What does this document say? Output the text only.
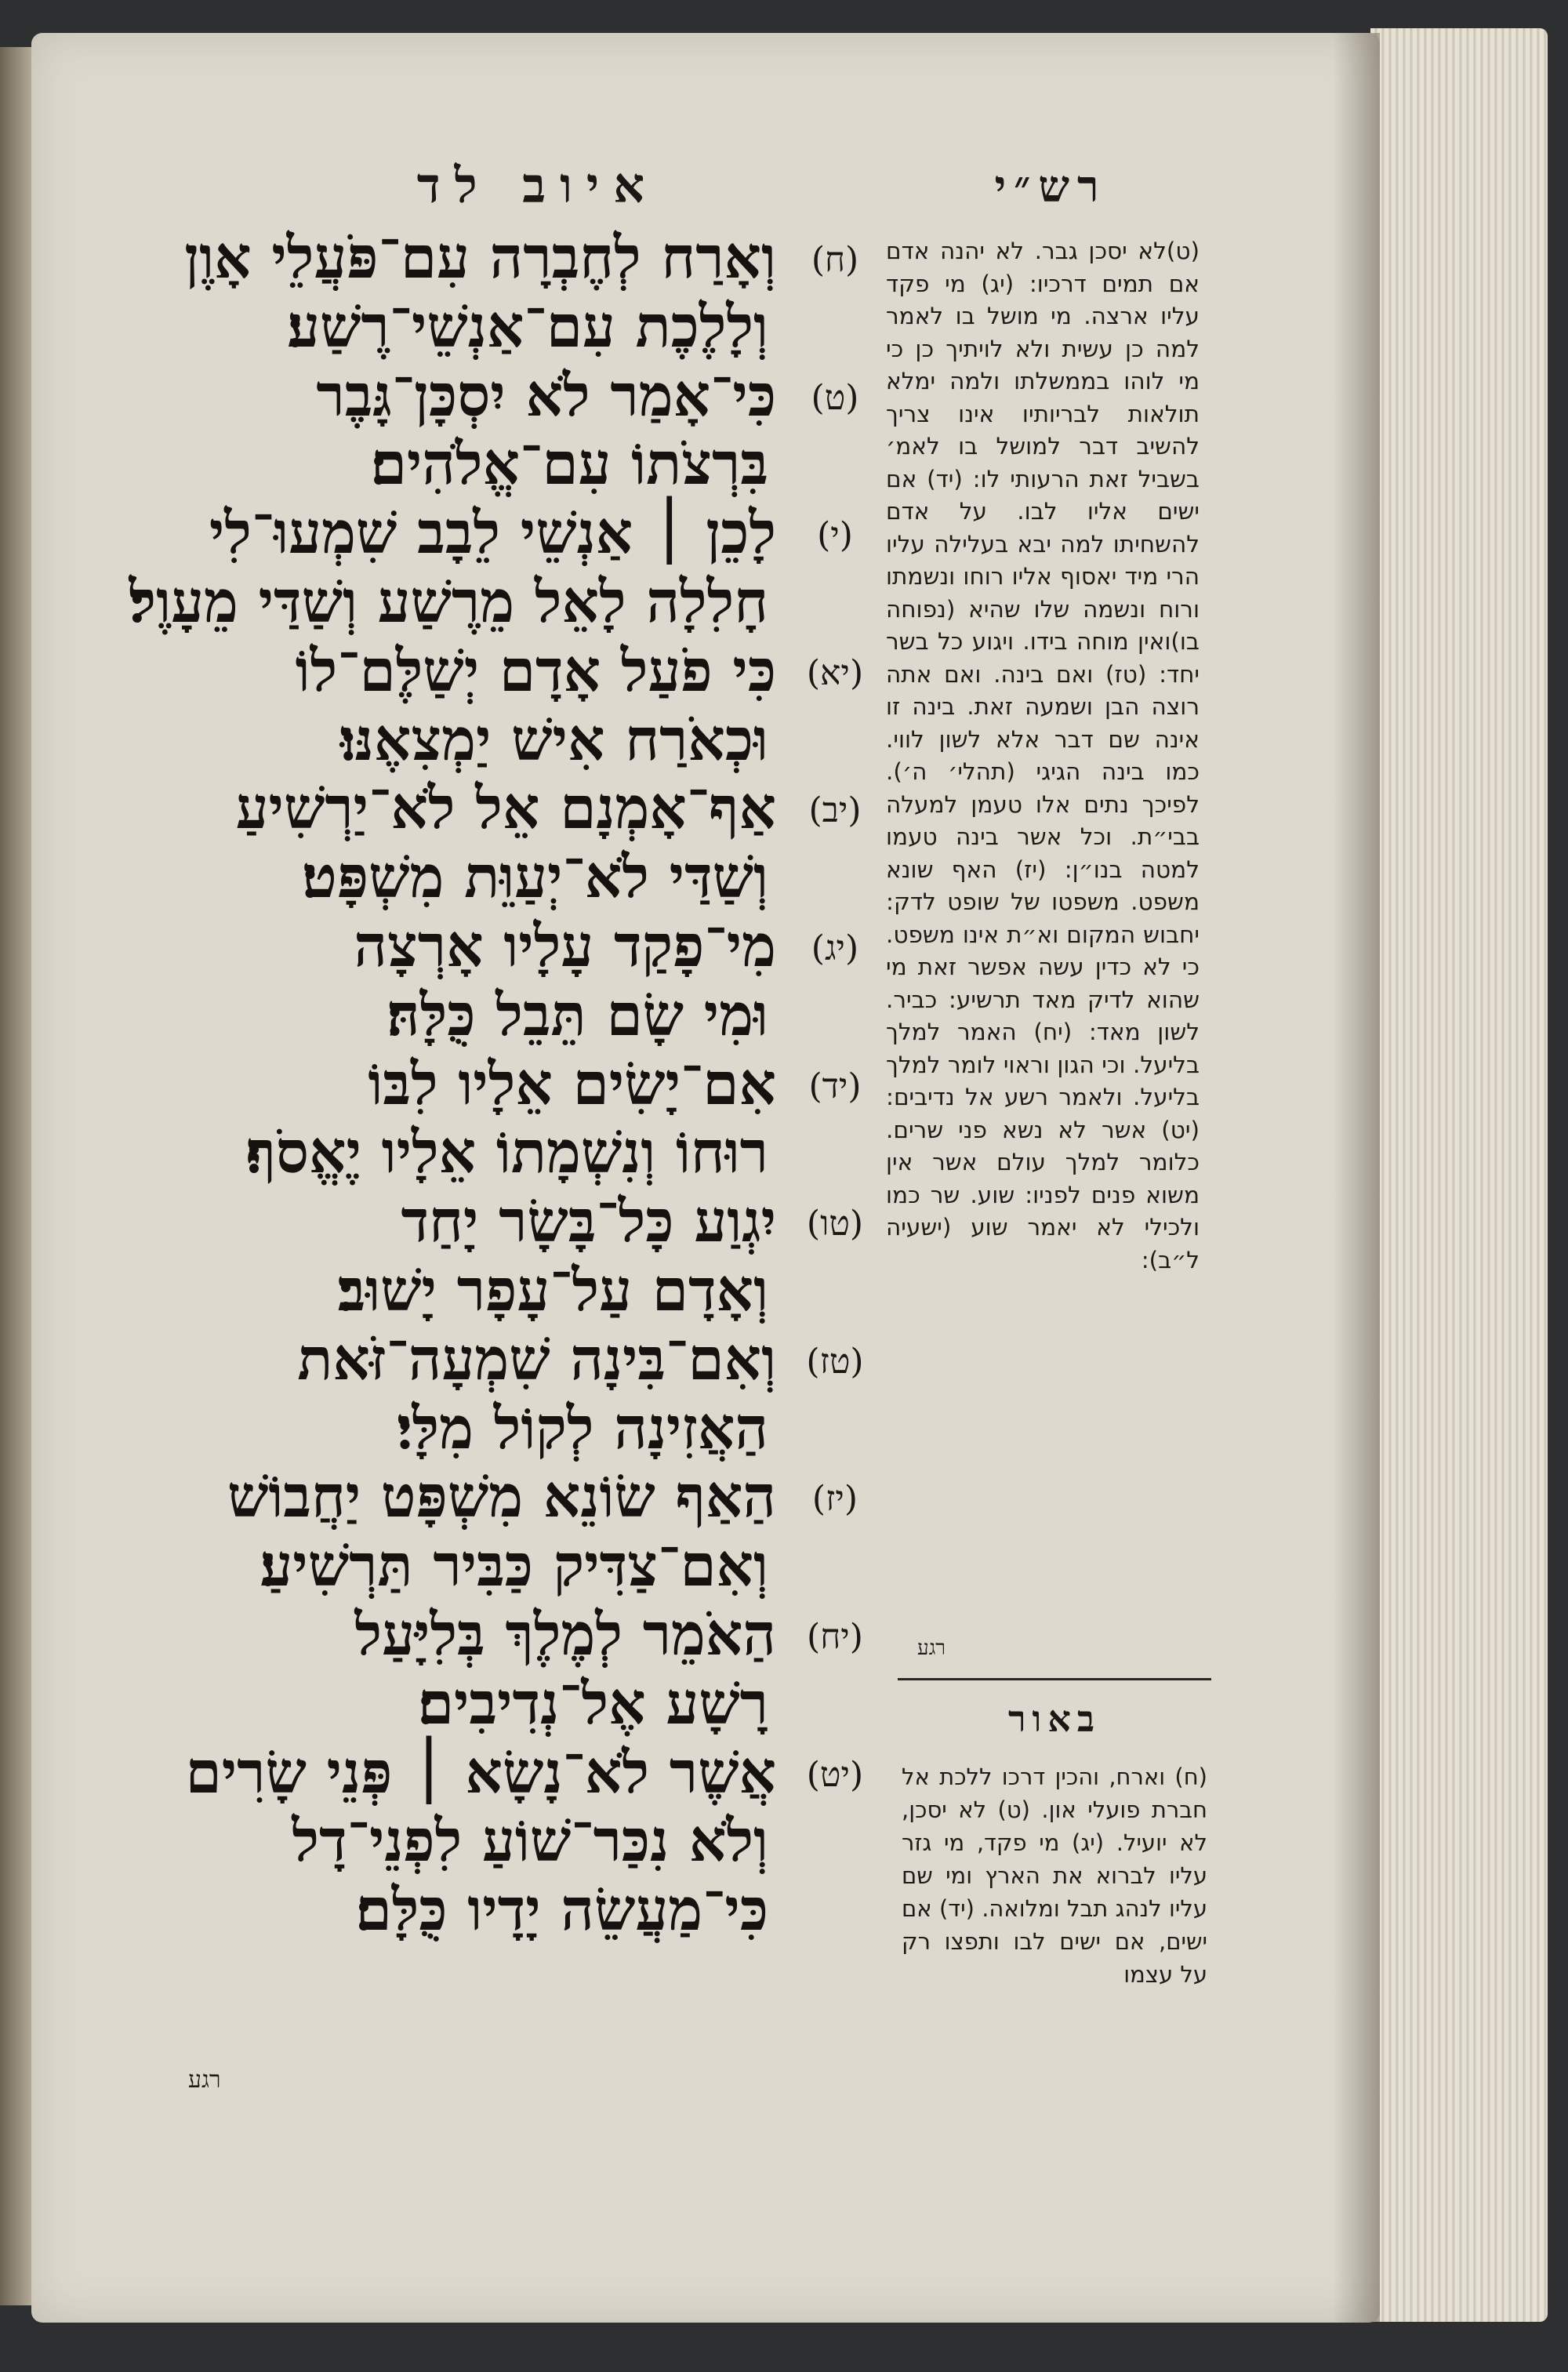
איוב לד	רש״י
(ח)
וְאָרַח לְחֶבְרָה עִם־פֹּעֲלֵי אָוֶן
וְלָלֶכֶת עִם־אַנְשֵׁי־רֶשַׁע׃
(ט)
כִּי־אָמַר לֹא יִסְכָּן־גָּבֶר
בִּרְצֹתוֹ עִם־אֱלֹהִים׃
(י)
לָכֵן ׀ אַנְשֵׁי לֵבָב שִׁמְעוּ־לִי
חָלִלָה לָאֵל מֵרֶשַׁע וְשַׁדַּי מֵעָוֶל׃
(יא)
כִּי פֹעַל אָדָם יְשַׁלֶּם־לוֹ
וּכְאֹרַח אִישׁ יַמְצִאֶנּוּ׃
(יב)
אַף־אָמְנָם אֵל לֹא־יַרְשִׁיעַ
וְשַׁדַּי לֹא־יְעַוֵּת מִשְׁפָּט׃
(יג)
מִי־פָקַד עָלָיו אָרְצָה
וּמִי שָׂם תֵּבֵל כֻּלָּהּ׃
(יד)
אִם־יָשִׂים אֵלָיו לִבּוֹ
רוּחוֹ וְנִשְׁמָתוֹ אֵלָיו יֶאֱסֹף׃
(טו)
יִגְוַע כָּל־בָּשָׂר יָחַד
וְאָדָם עַל־עָפָר יָשׁוּב׃
(טז)
וְאִם־בִּינָה שִׁמְעָה־זֹּאת
הַאֲזִינָה לְקוֹל מִלָּי׃
(יז)
הַאַף שׂוֹנֵא מִשְׁפָּט יַחֲבוֹשׁ
וְאִם־צַדִּיק כַּבִּיר תַּרְשִׁיעַ׃
(יח)
הַאֹמֵר לְמֶלֶךְ בְּלִיָּעַל
רָשָׁע אֶל־נְדִיבִים׃
(יט)
אֲשֶׁר לֹא־נָשָׂא ׀ פְּנֵי שָׂרִים
וְלֹא נִכַּר־שׁוֹעַ לִפְנֵי־דָל
כִּי־מַעֲשֵׂה יָדָיו כֻּלָּם׃
(ט)לא יסכן גבר. לא יהנה אדם אם תמים דרכיו: (יג) מי פקד עליו ארצה. מי מושל בו לאמר למה כן עשית ולא לויתיך כן כי מי לוהו בממשלתו ולמה ימלא תולאות לבריותיו אינו צריך להשיב דבר למושל בו לאמ׳ בשביל זאת הרעותי לו: (יד) אם ישים אליו לבו. על אדם להשחיתו למה יבא בעלילה עליו הרי מיד יאסוף אליו רוחו ונשמתו ורוח ונשמה שלו שהיא (נפוחה בו)ואין מוחה בידו. ויגוע כל בשר יחד: (טז) ואם בינה. ואם אתה רוצה הבן ושמעה זאת. בינה זו אינה שם דבר אלא לשון לווי. כמו בינה הגיגי (תהלי׳ ה׳). לפיכך נתים אלו טעמן למעלה בבי״ת. וכל אשר בינה טעמו למטה בנו״ן: (יז) האף שונא משפט. משפטו של שופט לדק: יחבוש המקום וא״ת אינו משפט. כי לא כדין עשה אפשר זאת מי שהוא לדיק מאד תרשיע: כביר. לשון מאד: (יח) האמר למלך בליעל. וכי הגון וראוי לומר למלך בליעל. ולאמר רשע אל נדיבים: (יט) אשר לא נשא פני שרים. כלומר למלך עולם אשר אין משוא פנים לפניו: שוע. שר כמו ולכילי לא יאמר שוע (ישעיה ל״ב):
רגע
באור
(ח) וארח, והכין דרכו ללכת אל חברת פועלי און. (ט) לא יסכן, לא יועיל. (יג) מי פקד, מי גזר עליו לברוא את הארץ ומי שם עליו לנהג תבל ומלואה. (יד) אם ישים, אם ישים לבו ותפצו רק על עצמו
רגע
